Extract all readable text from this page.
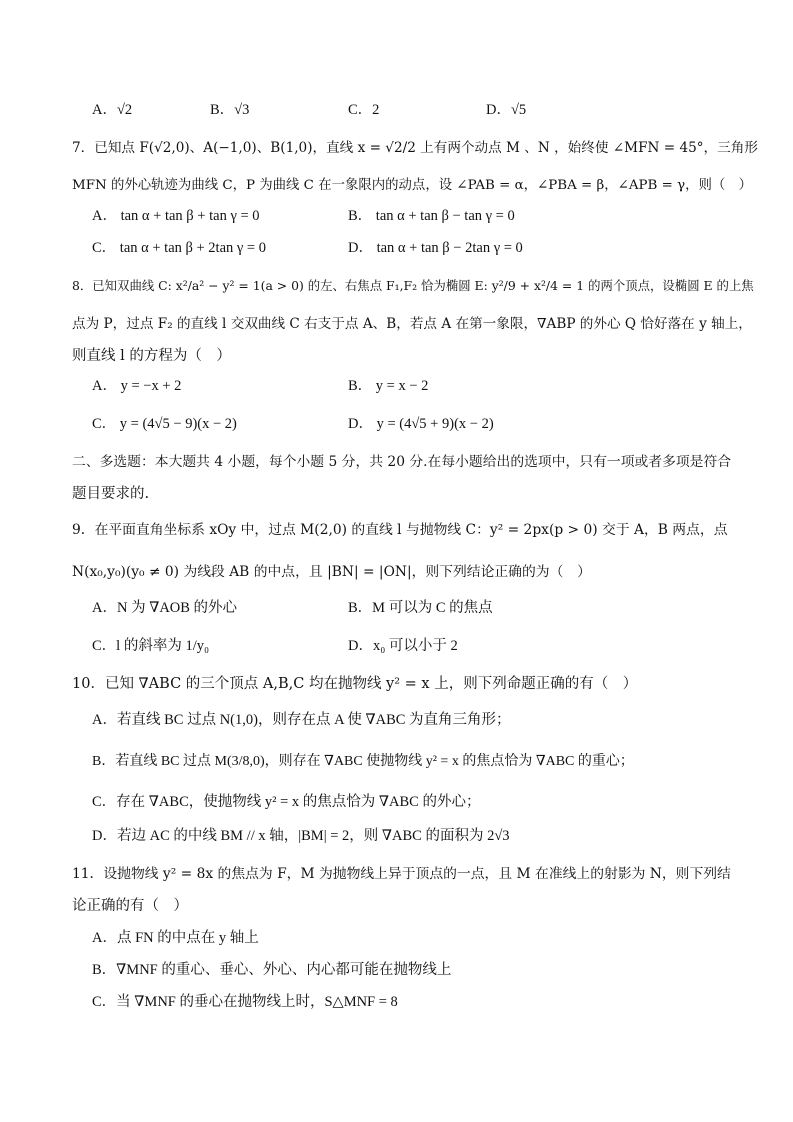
A．√2	B．√3	C．2	D．√5
7．已知点 F(√2,0)、A(−1,0)、B(1,0)，直线 x = √2/2 上有两个动点 M 、N ，始终使 ∠MFN = 45°，三角形
MFN 的外心轨迹为曲线 C，P 为曲线 C 在一象限内的动点，设 ∠PAB = α，∠PBA = β，∠APB = γ，则（　）
A． tan α + tan β + tan γ = 0	B． tan α + tan β − tan γ = 0
C． tan α + tan β + 2tan γ = 0	D． tan α + tan β − 2tan γ = 0
8．已知双曲线 C: x²/a² − y² = 1(a > 0) 的左、右焦点 F₁,F₂ 恰为椭圆 E: y²/9 + x²/4 = 1 的两个顶点，设椭圆 E 的上焦
点为 P，过点 F₂ 的直线 l 交双曲线 C 右支于点 A、B，若点 A 在第一象限，∇ABP 的外心 Q 恰好落在 y 轴上，
则直线 l 的方程为（　）
A． y = −x + 2	B． y = x − 2
C． y = (4√5 − 9)(x − 2)	D． y = (4√5 + 9)(x − 2)
二、多选题：本大题共 4 小题，每个小题 5 分，共 20 分.在每小题给出的选项中，只有一项或者多项是符合
题目要求的.
9．在平面直角坐标系 xOy 中，过点 M(2,0) 的直线 l 与抛物线 C：y² = 2px(p > 0) 交于 A，B 两点，点
N(x₀,y₀)(y₀ ≠ 0) 为线段 AB 的中点，且 |BN| = |ON|，则下列结论正确的为（　）
A．N 为 ∇AOB 的外心	B．M 可以为 C 的焦点
C．l 的斜率为 1/y₀	D．x₀ 可以小于 2
10．已知 ∇ABC 的三个顶点 A,B,C 均在抛物线 y² = x 上，则下列命题正确的有（　）
A．若直线 BC 过点 N(1,0)，则存在点 A 使 ∇ABC 为直角三角形；
B．若直线 BC 过点 M(3/8,0)，则存在 ∇ABC 使抛物线 y² = x 的焦点恰为 ∇ABC 的重心；
C．存在 ∇ABC，使抛物线 y² = x 的焦点恰为 ∇ABC 的外心；
D．若边 AC 的中线 BM // x 轴，|BM| = 2，则 ∇ABC 的面积为 2√3
11．设抛物线 y² = 8x 的焦点为 F，M 为抛物线上异于顶点的一点，且 M 在准线上的射影为 N，则下列结
论正确的有（　）
A．点 FN 的中点在 y 轴上
B．∇MNF 的重心、垂心、外心、内心都可能在抛物线上
C．当 ∇MNF 的垂心在抛物线上时，S△MNF = 8
